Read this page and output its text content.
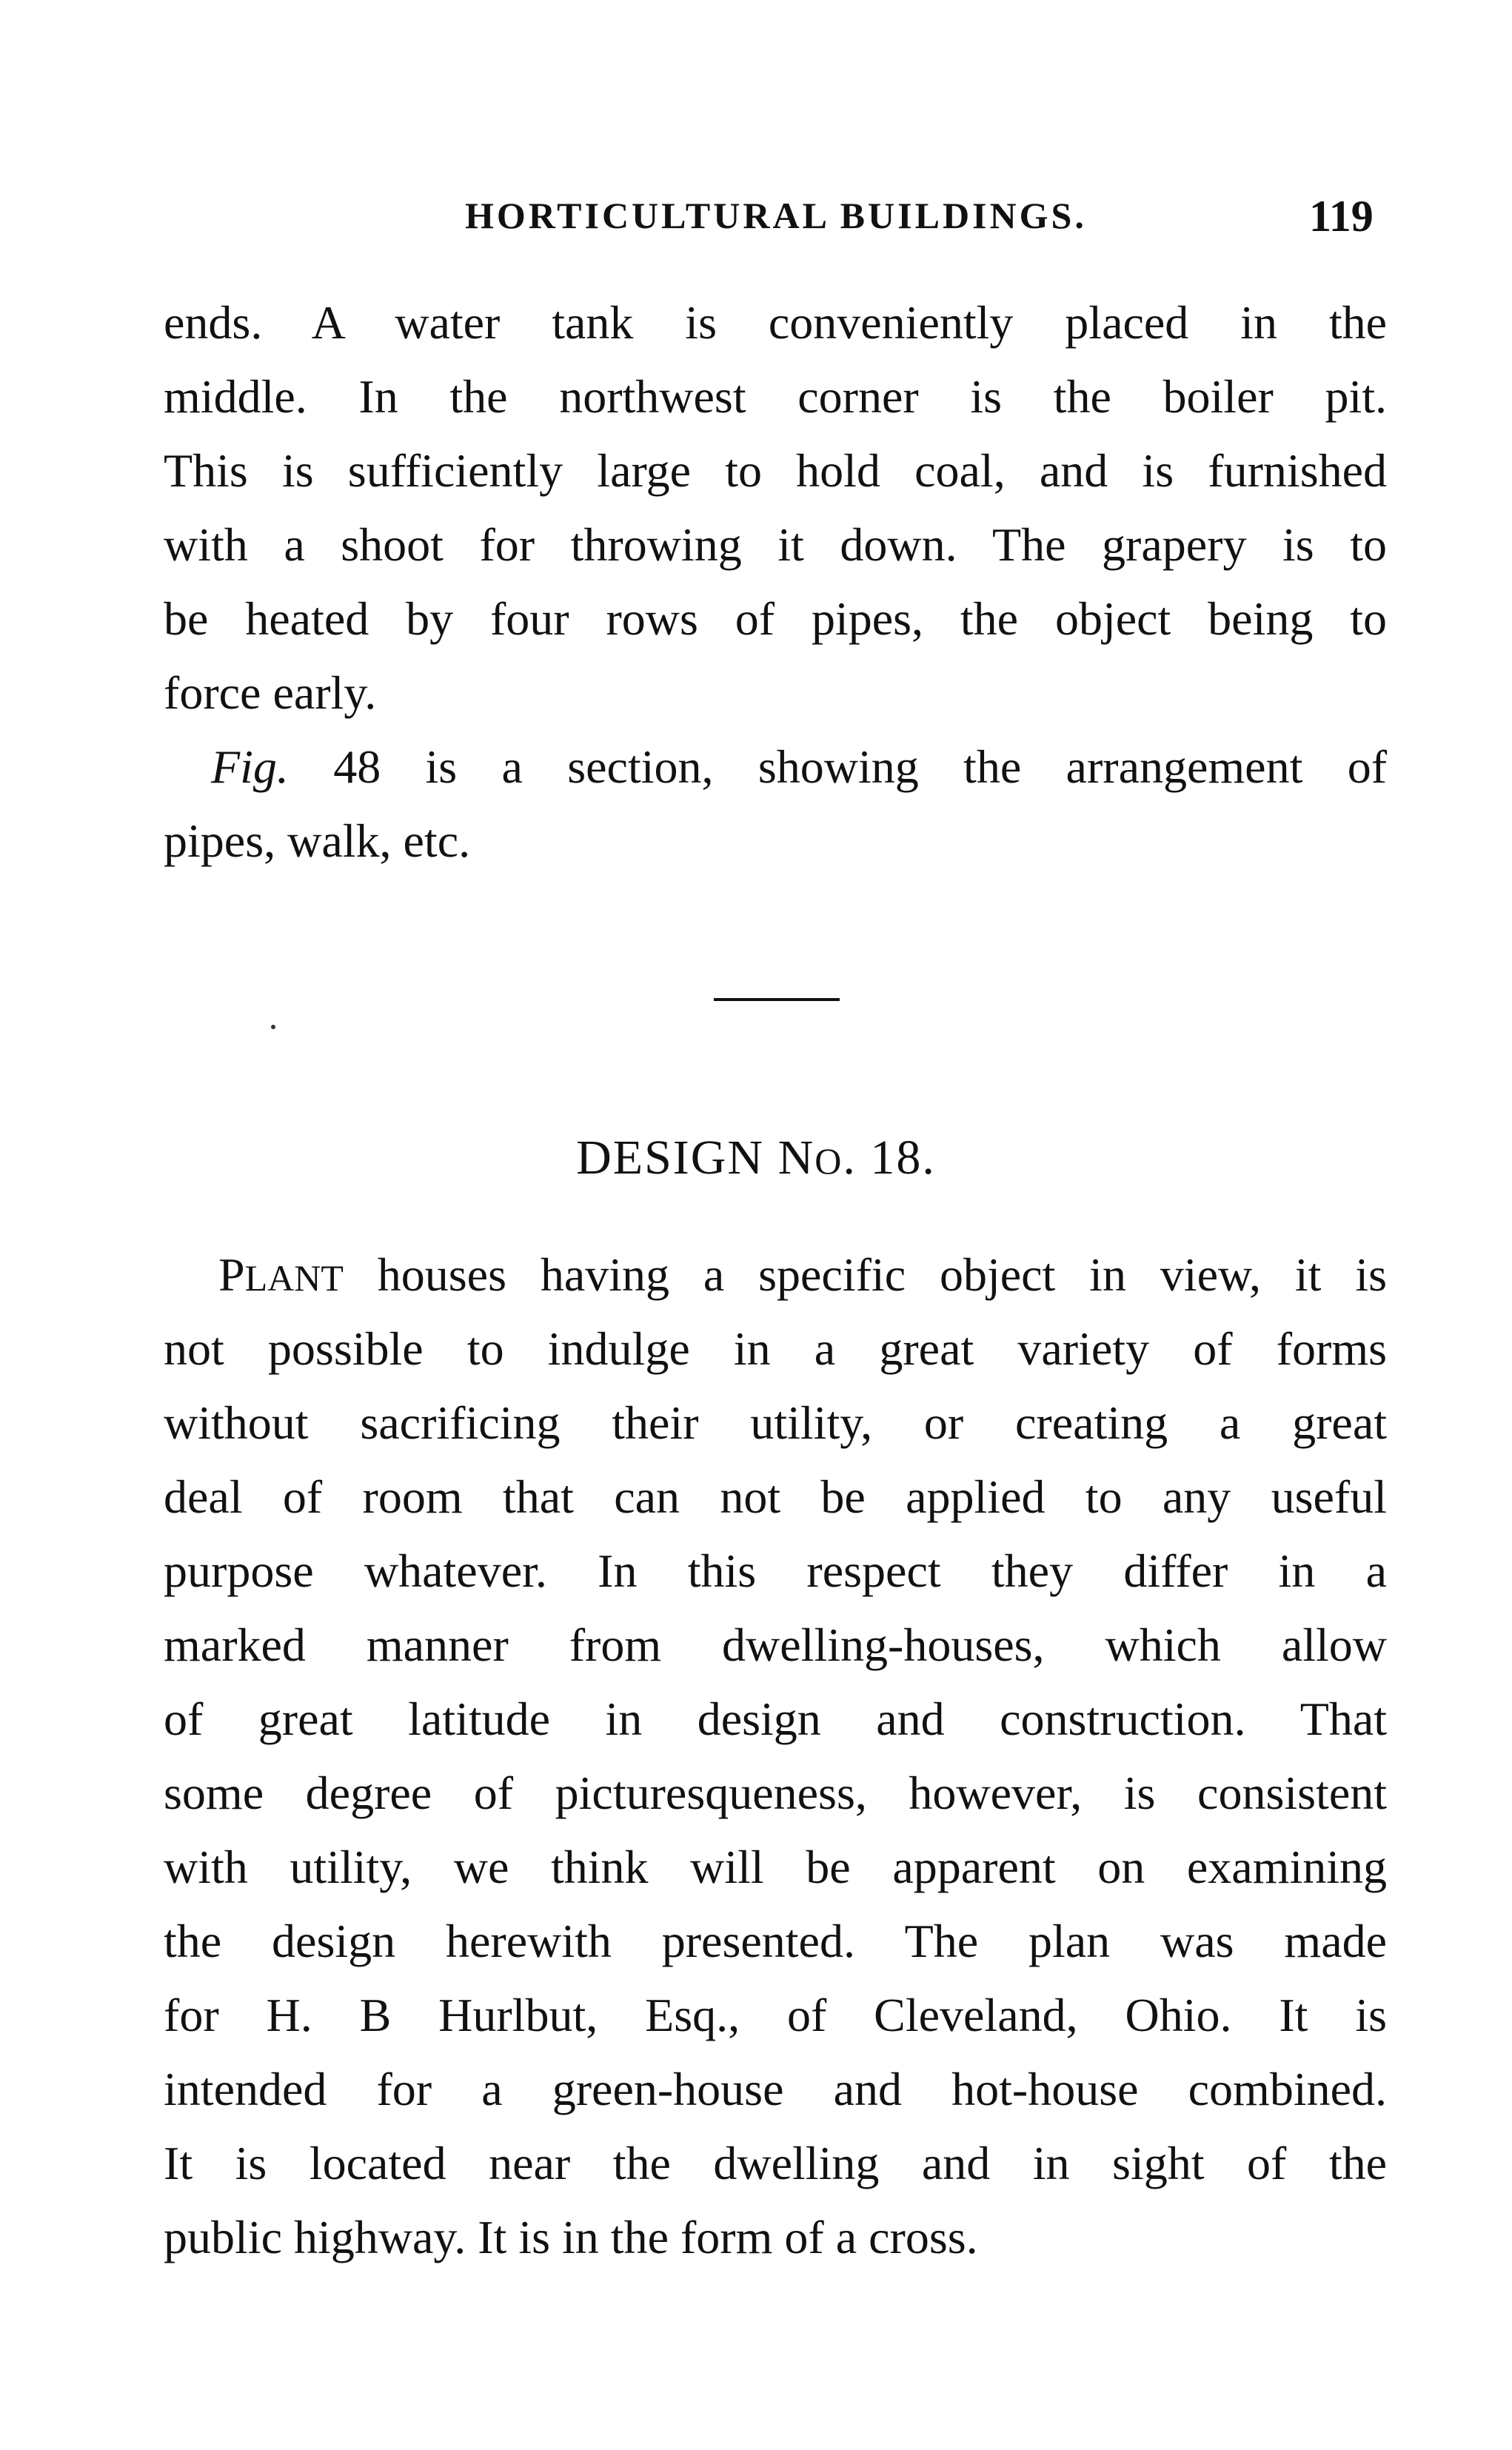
HORTICULTURAL BUILDINGS.	119
ends. A water tank is conveniently placed in the
middle. In the northwest corner is the boiler pit.
This is sufficiently large to hold coal, and is furnished
with a shoot for throwing it down. The grapery is to
be heated by four rows of pipes, the object being to
force early.
Fig. 48 is a section, showing the arrangement of
pipes, walk, etc.
DESIGN NO. 18.
PLANT houses having a specific object in view, it is
not possible to indulge in a great variety of forms
without sacrificing their utility, or creating a great
deal of room that can not be applied to any useful
purpose whatever. In this respect they differ in a
marked manner from dwelling-houses, which allow
of great latitude in design and construction. That
some degree of picturesqueness, however, is consistent
with utility, we think will be apparent on examining
the design herewith presented. The plan was made
for H. B Hurlbut, Esq., of Cleveland, Ohio. It is
intended for a green-house and hot-house combined.
It is located near the dwelling and in sight of the
public highway. It is in the form of a cross.
